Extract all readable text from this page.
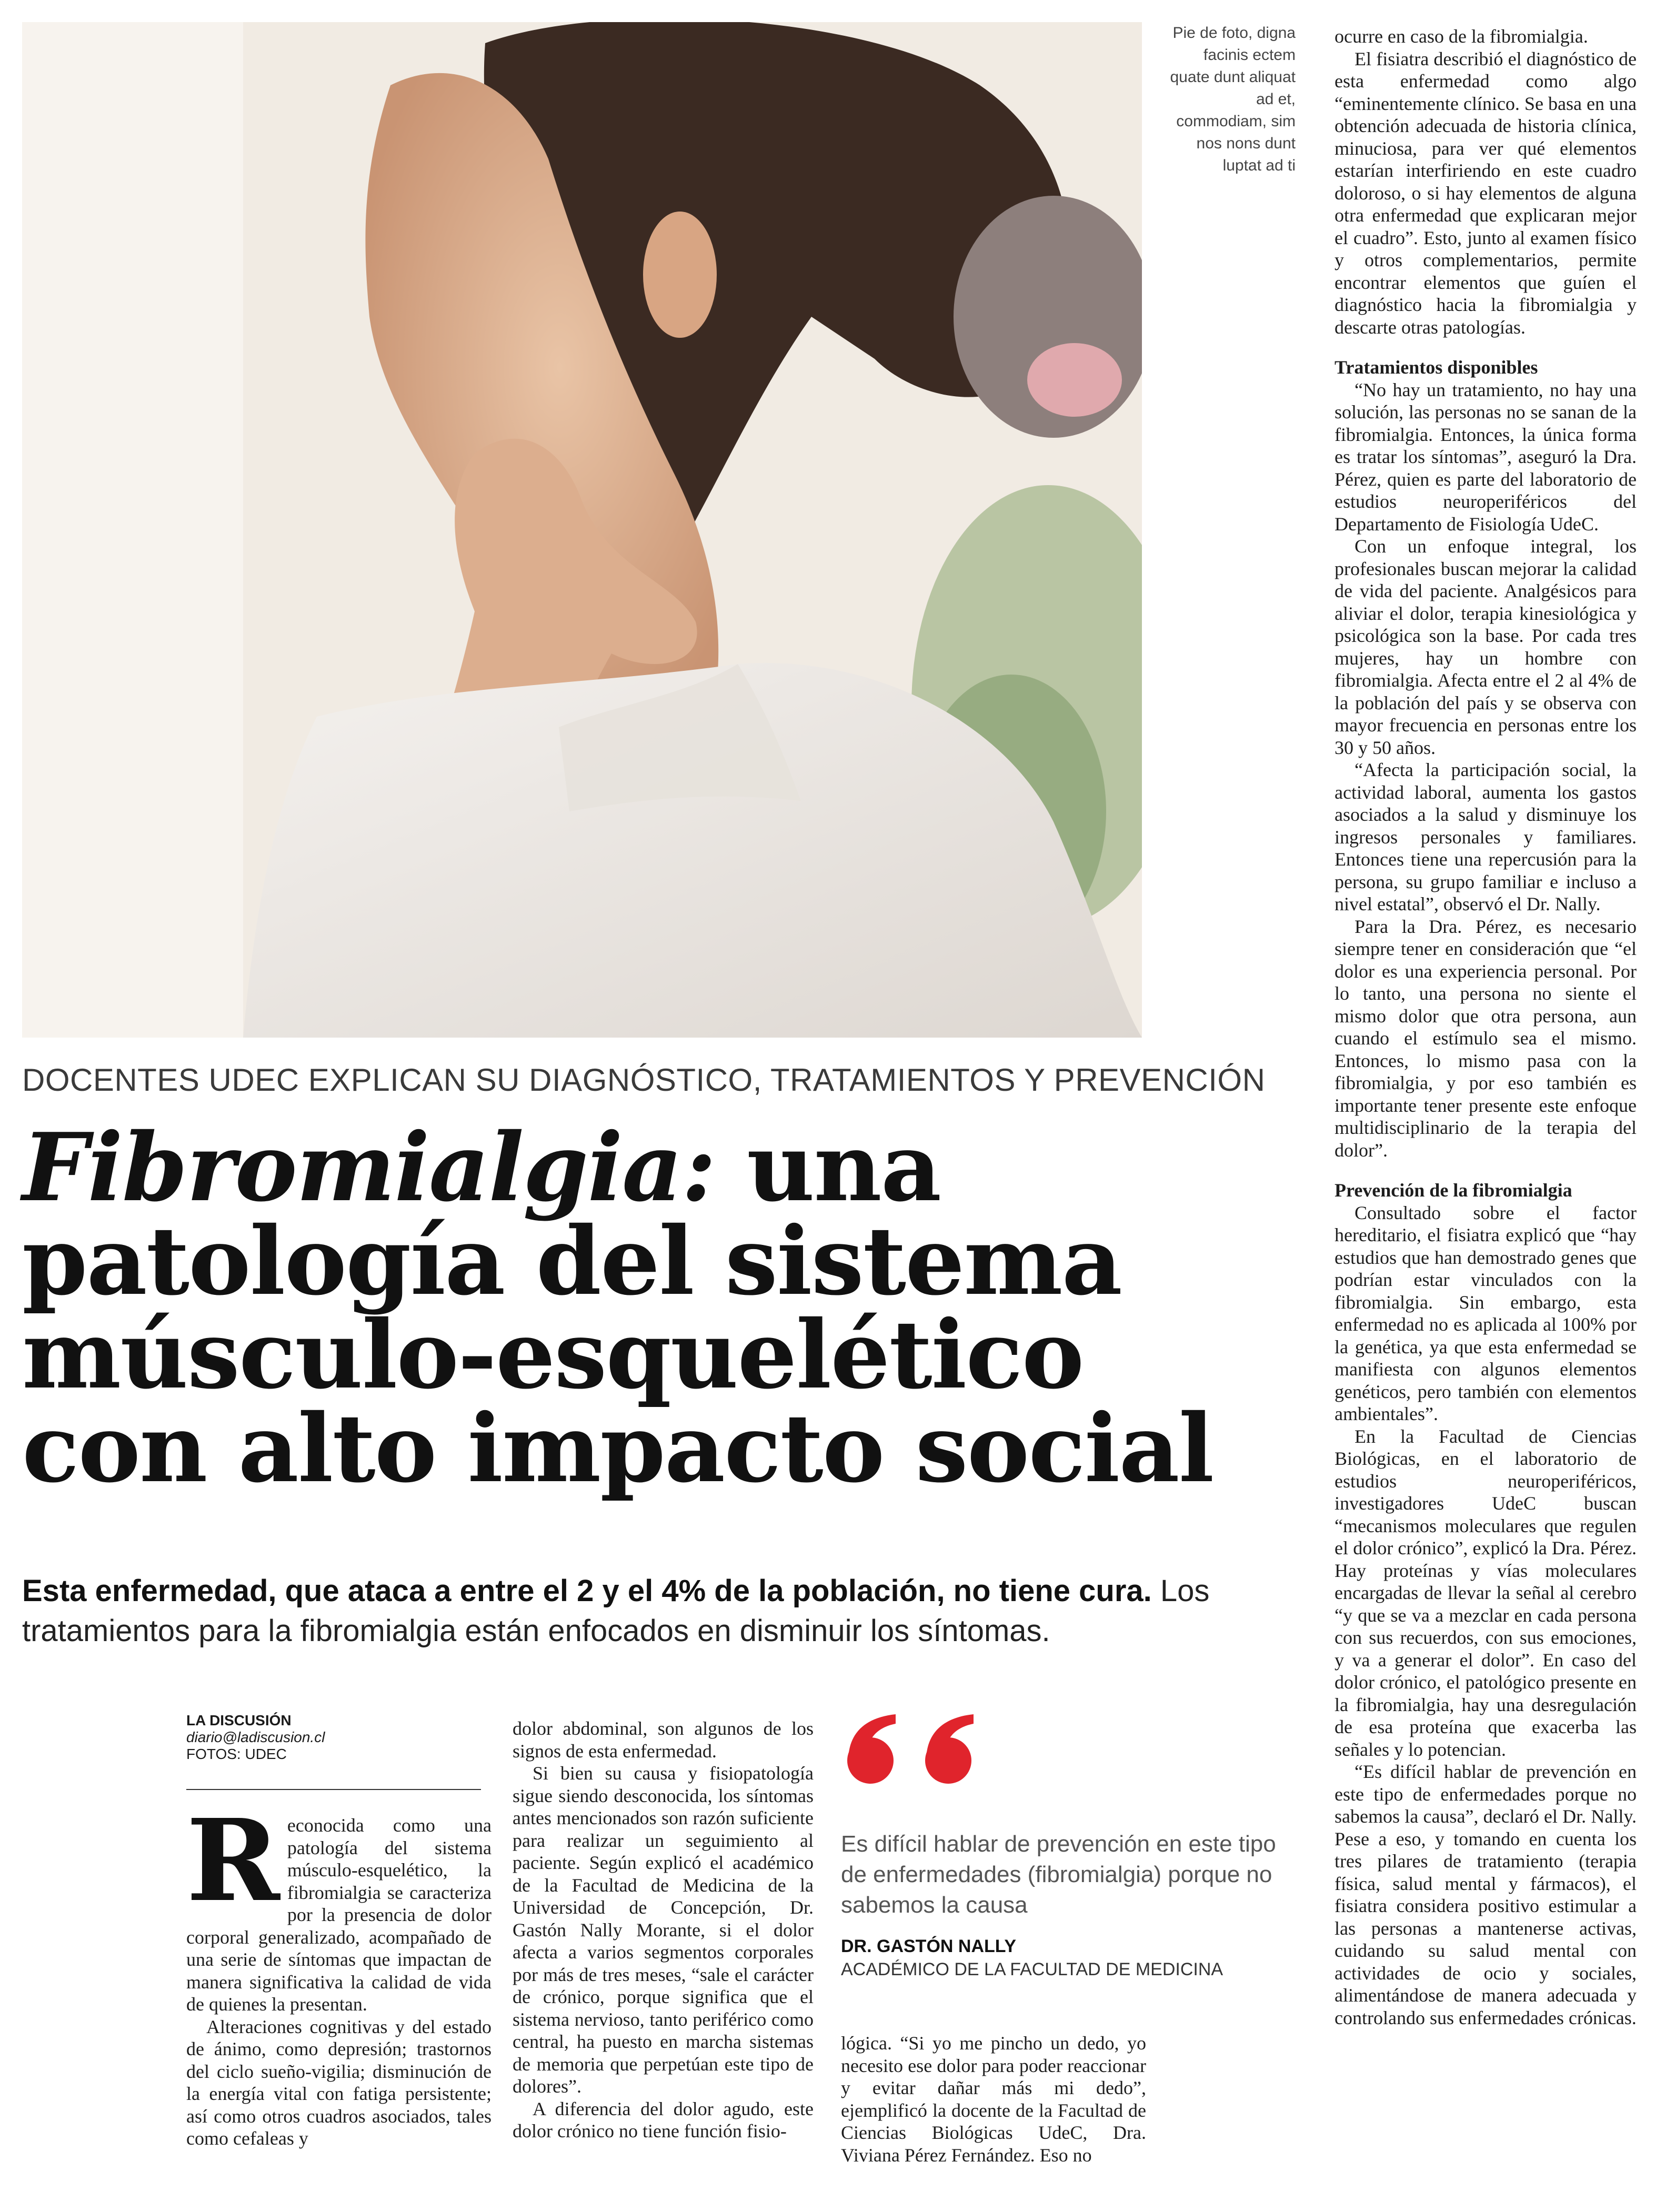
Pie de foto, digna facinis ectem quate dunt aliquat ad et, commodiam, sim nos nons dunt luptat ad ti
DOCENTES UDEC EXPLICAN SU DIAGNÓSTICO, TRATAMIENTOS Y PREVENCIÓN
Fibromialgia: una
patología del sistema
músculo-esquelético
con alto impacto social
Esta enfermedad, que ataca a entre el 2 y el 4% de la población, no tiene cura. Los tratamientos para la fibromialgia están enfocados en disminuir los síntomas.
LA DISCUSIÓN
diario@ladiscusion.cl
FOTOS: UDEC

Reconocida como una patología del sistema músculo-esquelético, la fibromialgia se caracteriza por la presencia de dolor corporal generalizado, acompañado de una serie de síntomas que impactan de manera significativa la calidad de vida de quienes la presentan.

Alteraciones cognitivas y del estado de ánimo, como depresión; trastornos del ciclo sueño-vigilia; disminución de la energía vital con fatiga persistente; así como otros cuadros asociados, tales como cefaleas y

dolor abdominal, son algunos de los signos de esta enfermedad.

Si bien su causa y fisiopatología sigue siendo desconocida, los síntomas antes mencionados son razón suficiente para realizar un seguimiento al paciente. Según explicó el académico de la Facultad de Medicina de la Universidad de Concepción, Dr. Gastón Nally Morante, si el dolor afecta a varios segmentos corporales por más de tres meses, “sale el carácter de crónico, porque significa que el sistema nervioso, tanto periférico como central, ha puesto en marcha sistemas de memoria que perpetúan este tipo de dolores”.

A diferencia del dolor agudo, este dolor crónico no tiene función fisio-

Es difícil hablar de prevención en este tipo de enfermedades (fibromialgia) porque no sabemos la causa
DR. GASTÓN NALLY
ACADÉMICO DE LA FACULTAD DE MEDICINA

lógica. “Si yo me pincho un dedo, yo necesito ese dolor para poder reaccionar y evitar dañar más mi dedo”, ejemplificó la docente de la Facultad de Ciencias Biológicas UdeC, Dra. Viviana Pérez Fernández. Eso no

ocurre en caso de la fibromialgia.

El fisiatra describió el diagnóstico de esta enfermedad como algo “eminentemente clínico. Se basa en una obtención adecuada de historia clínica, minuciosa, para ver qué elementos estarían interfiriendo en este cuadro doloroso, o si hay elementos de alguna otra enfermedad que explicaran mejor el cuadro”. Esto, junto al examen físico y otros complementarios, permite encontrar elementos que guíen el diagnóstico hacia la fibromialgia y descarte otras patologías.

Tratamientos disponibles

“No hay un tratamiento, no hay una solución, las personas no se sanan de la fibromialgia. Entonces, la única forma es tratar los síntomas”, aseguró la Dra. Pérez, quien es parte del laboratorio de estudios neuroperiféricos del Departamento de Fisiología UdeC.

Con un enfoque integral, los profesionales buscan mejorar la calidad de vida del paciente. Analgésicos para aliviar el dolor, terapia kinesiológica y psicológica son la base. Por cada tres mujeres, hay un hombre con fibromialgia. Afecta entre el 2 al 4% de la población del país y se observa con mayor frecuencia en personas entre los 30 y 50 años.

“Afecta la participación social, la actividad laboral, aumenta los gastos asociados a la salud y disminuye los ingresos personales y familiares. Entonces tiene una repercusión para la persona, su grupo familiar e incluso a nivel estatal”, observó el Dr. Nally.

Para la Dra. Pérez, es necesario siempre tener en consideración que “el dolor es una experiencia personal. Por lo tanto, una persona no siente el mismo dolor que otra persona, aun cuando el estímulo sea el mismo. Entonces, lo mismo pasa con la fibromialgia, y por eso también es importante tener presente este enfoque multidisciplinario de la terapia del dolor”.

Prevención de la fibromialgia

Consultado sobre el factor hereditario, el fisiatra explicó que “hay estudios que han demostrado genes que podrían estar vinculados con la fibromialgia. Sin embargo, esta enfermedad no es aplicada al 100% por la genética, ya que esta enfermedad se manifiesta con algunos elementos genéticos, pero también con elementos ambientales”.

En la Facultad de Ciencias Biológicas, en el laboratorio de estudios neuroperiféricos, investigadores UdeC buscan “mecanismos moleculares que regulen el dolor crónico”, explicó la Dra. Pérez. Hay proteínas y vías moleculares encargadas de llevar la señal al cerebro “y que se va a mezclar en cada persona con sus recuerdos, con sus emociones, y va a generar el dolor”. En caso del dolor crónico, el patológico presente en la fibromialgia, hay una desregulación de esa proteína que exacerba las señales y lo potencian.

“Es difícil hablar de prevención en este tipo de enfermedades porque no sabemos la causa”, declaró el Dr. Nally. Pese a eso, y tomando en cuenta los tres pilares de tratamiento (terapia física, salud mental y fármacos), el fisiatra considera positivo estimular a las personas a mantenerse activas, cuidando su salud mental con actividades de ocio y sociales, alimentándose de manera adecuada y controlando sus enfermedades crónicas.
